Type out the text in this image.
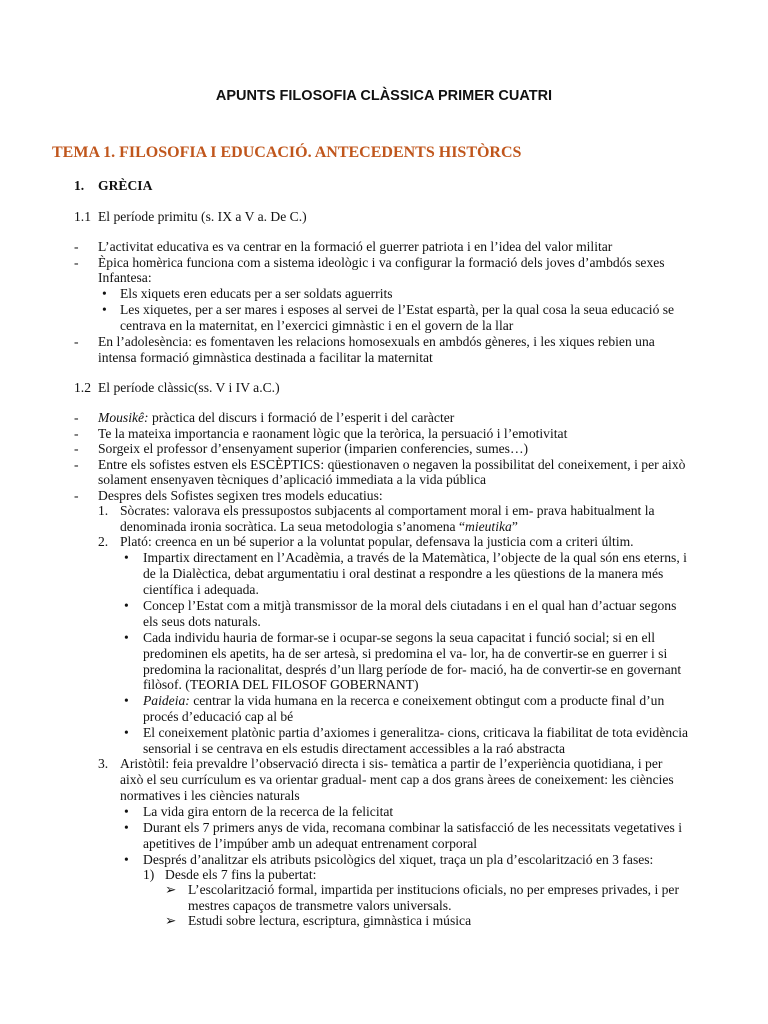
APUNTS FILOSOFIA CLÀSSICA PRIMER CUATRI
TEMA 1. FILOSOFIA I EDUCACIÓ. ANTECEDENTS HISTÒRCS
1. GRÈCIA
1.1 El període primitu (s. IX a V a. De C.)
- L’activitat educativa es va centrar en la formació el guerrer patriota i en l’idea del valor militar
- Èpica homèrica funciona com a sistema ideològic i va configurar la formació dels joves d’ambdós sexes
Infantesa:
• Els xiquets eren educats per a ser soldats aguerrits
• Les xiquetes, per a ser mares i esposes al servei de l’Estat espartà, per la qual cosa la seua educació se
centrava en la maternitat, en l’exercici gimnàstic i en el govern de la llar
- En l’adolesència: es fomentaven les relacions homosexuals en ambdós gèneres, i les xiques rebien una
intensa formació gimnàstica destinada a facilitar la maternitat
1.2 El període clàssic(ss. V i IV a.C.)
- Mousikê: pràctica del discurs i formació de l’esperit i del caràcter
- Te la mateixa importancia e raonament lògic que la teròrica, la persuació i l’emotivitat
- Sorgeix el professor d’ensenyament superior (imparien conferencies, sumes…)
- Entre els sofistes estven els ESCÈPTICS: qüestionaven o negaven la possibilitat del coneixement, i per això
solament ensenyaven tècniques d’aplicació immediata a la vida pública
- Despres dels Sofistes segixen tres models educatius:
1. Sòcrates: valorava els pressupostos subjacents al comportament moral i em- prava habitualment la
denominada ironia socràtica. La seua metodologia s’anomena “mieutika”
2. Plató: creenca en un bé superior a la voluntat popular, defensava la justicia com a criteri últim.
• Impartix directament en l’Acadèmia, a través de la Matemàtica, l’objecte de la qual són ens eterns, i
de la Dialèctica, debat argumentatiu i oral destinat a respondre a les qüestions de la manera més
científica i adequada.
• Concep l’Estat com a mitjà transmissor de la moral dels ciutadans i en el qual han d’actuar segons
els seus dots naturals.
• Cada individu hauria de formar-se i ocupar-se segons la seua capacitat i funció social; si en ell
predominen els apetits, ha de ser artesà, si predomina el va- lor, ha de convertir-se en guerrer i si
predomina la racionalitat, després d’un llarg període de for- mació, ha de convertir-se en governant
filòsof. (TEORIA DEL FILOSOF GOBERNANT)
• Paideia: centrar la vida humana en la recerca e coneixement obtingut com a producte final d’un
procés d’educació cap al bé
• El coneixement platònic partia d’axiomes i generalitza- cions, criticava la fiabilitat de tota evidència
sensorial i se centrava en els estudis directament accessibles a la raó abstracta
3. Aristòtil: feia prevaldre l’observació directa i sis- temàtica a partir de l’experiència quotidiana, i per
això el seu currículum es va orientar gradual- ment cap a dos grans àrees de coneixement: les ciències
normatives i les ciències naturals
• La vida gira entorn de la recerca de la felicitat
• Durant els 7 primers anys de vida, recomana combinar la satisfacció de les necessitats vegetatives i
apetitives de l’impúber amb un adequat entrenament corporal
• Després d’analitzar els atributs psicològics del xiquet, traça un pla d’escolarització en 3 fases:
1) Desde els 7 fins la pubertat:
➢ L’escolarització formal, impartida per institucions oficials, no per empreses privades, i per
mestres capaços de transmetre valors universals.
➢ Estudi sobre lectura, escriptura, gimnàstica i música
